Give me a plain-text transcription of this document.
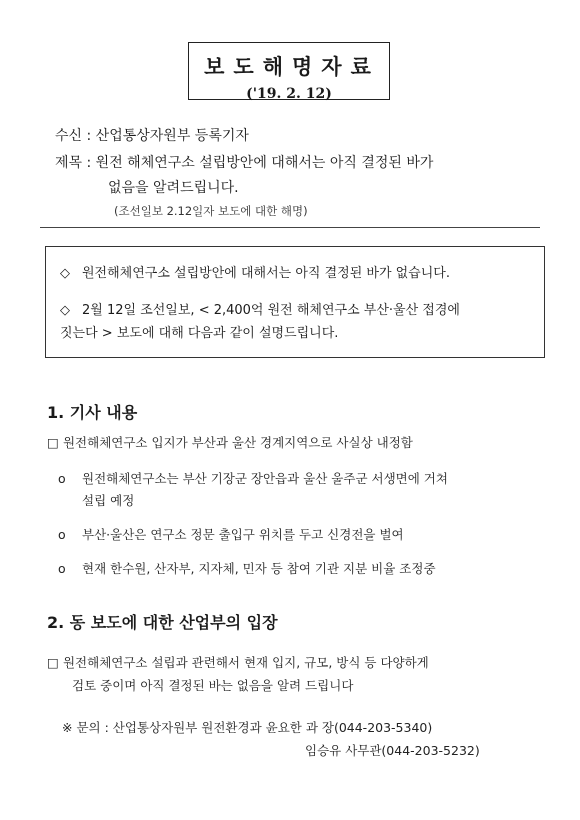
보도해명자료
('19. 2. 12)
수신 : 산업통상자원부 등록기자
제목 : 원전 해체연구소 설립방안에 대해서는 아직 결정된 바가
없음을 알려드립니다.
(조선일보 2.12일자 보도에 대한 해명)
◇ 원전해체연구소 설립방안에 대해서는 아직 결정된 바가 없습니다.
◇ 2월 12일 조선일보, < 2,400억 원전 해체연구소 부산·울산 접경에
짓는다 > 보도에 대해 다음과 같이 설명드립니다.
1. 기사 내용
□ 원전해체연구소 입지가 부산과 울산 경계지역으로 사실상 내정함
o 원전해체연구소는 부산 기장군 장안읍과 울산 울주군 서생면에 거쳐
설립 예정
o 부산·울산은 연구소 정문 출입구 위치를 두고 신경전을 벌여
o 현재 한수원, 산자부, 지자체, 민자 등 참여 기관 지분 비율 조정중
2. 동 보도에 대한 산업부의 입장
□ 원전해체연구소 설립과 관련해서 현재 입지, 규모, 방식 등 다양하게
검토 중이며 아직 결정된 바는 없음을 알려 드립니다
※ 문의 : 산업통상자원부 원전환경과 윤요한 과 장(044-203-5340)
임승유 사무관(044-203-5232)
